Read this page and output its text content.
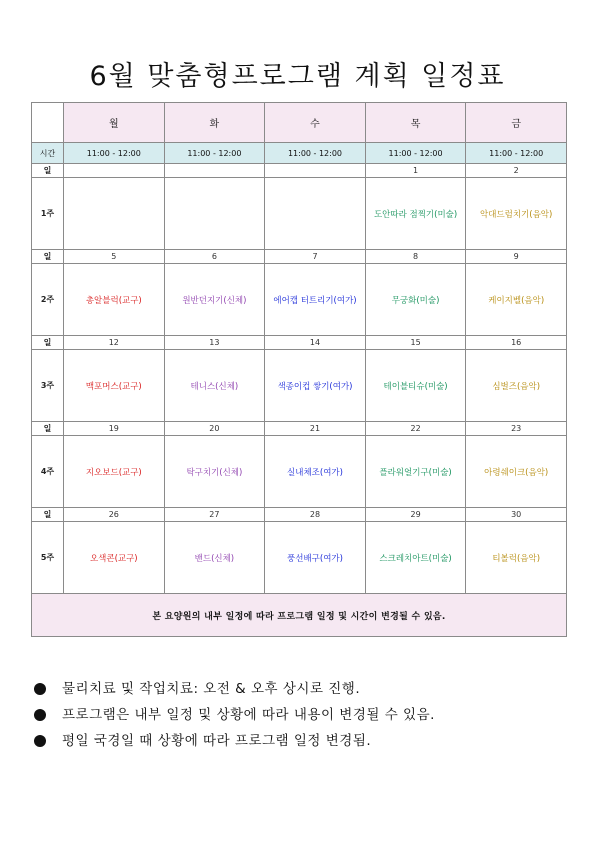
6월 맞춤형프로그램 계획 일정표
	월	화	수	목	금
시간	11:00 - 12:00	11:00 - 12:00	11:00 - 12:00	11:00 - 12:00	11:00 - 12:00
일				1	2
1주				도안따라 점찍기(미술)	악대드럼치기(음악)
일	5	6	7	8	9
2주	총알블럭(교구)	원반던지기(신체)	에어캡 터트리기(여가)	무궁화(미술)	케이지벨(음악)
일	12	13	14	15	16
3주	맥포머스(교구)	테니스(신체)	색종이컵 쌓기(여가)	테이블티슈(미술)	심벌즈(음악)
일	19	20	21	22	23
4주	지오보드(교구)	탁구치기(신체)	실내체조(여가)	플라워얼기구(미술)	아령쉐이크(음악)
일	26	27	28	29	30
5주	오색콘(교구)	밴드(신체)	풍선배구(여가)	스크레치아트(미술)	티볼럭(음악)
본 요양원의 내부 일정에 따라 프로그램 일정 및 시간이 변경될 수 있음.					
물리치료 및 작업치료: 오전 & 오후 상시로 진행.
프로그램은 내부 일정 및 상황에 따라 내용이 변경될 수 있음.
평일 국경일 때 상황에 따라 프로그램 일정 변경됨.
